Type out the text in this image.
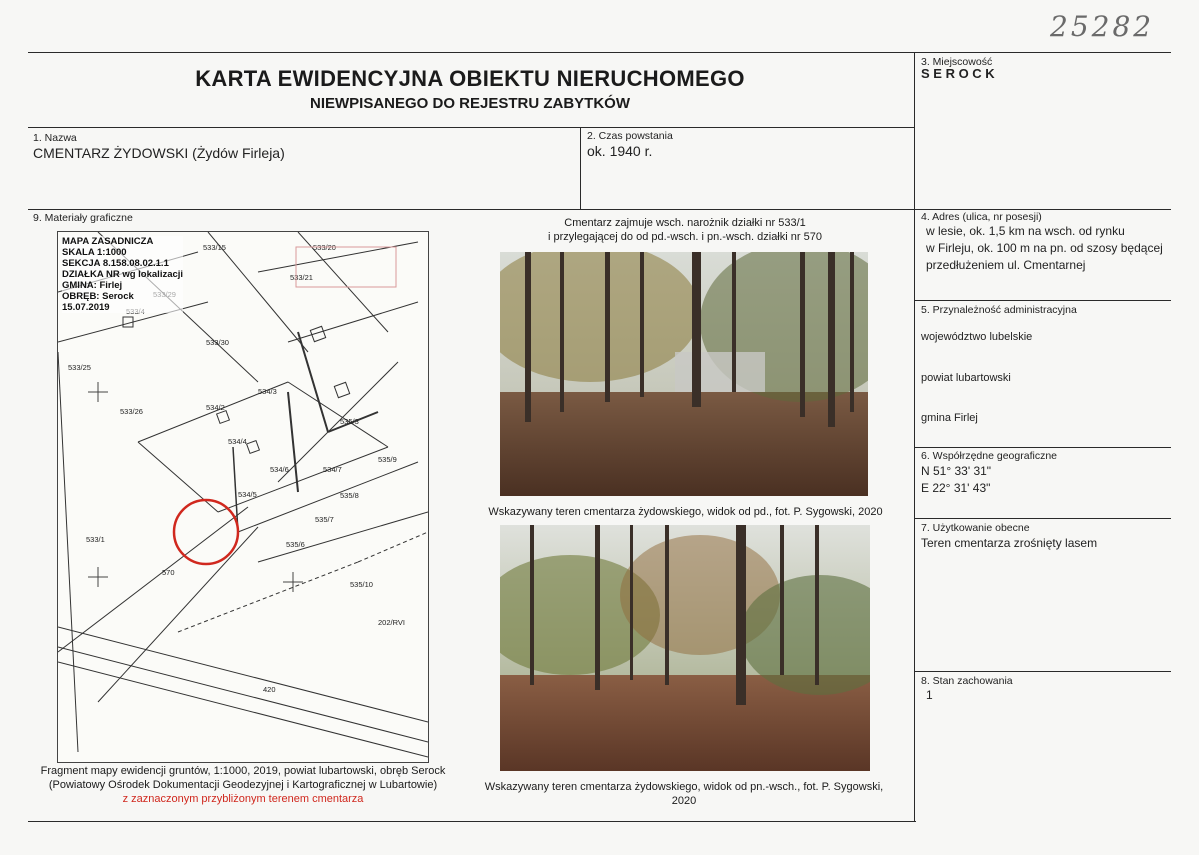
25282
KARTA EWIDENCYJNA OBIEKTU NIERUCHOMEGO
NIEWPISANEGO DO REJESTRU ZABYTKÓW
3. Miejscowość
S E R O C K
1. Nazwa
CMENTARZ ŻYDOWSKI (Żydów Firleja)
2. Czas powstania
ok. 1940 r.
9. Materiały graficzne	4. Adres (ulica, nr posesji)
w lesie, ok. 1,5 km na wsch. od rynku
w Firleju, ok. 100 m na pn. od szosy będącej
przedłużeniem ul. Cmentarnej
5. Przynależność administracyjna
województwo lubelskie
powiat lubartowski
gmina Firlej
6. Współrzędne geograficzne
N 51° 33' 31"
E 22° 31' 43"
7. Użytkowanie obecne
Teren cmentarza zrośnięty lasem
8. Stan zachowania
1
533/15	533/20
533/21
533/30
533/25
533/26	534/2
534/3
534/4
534/6	534/7
534/5
535/3
535/8
535/7
535/6
535/9
535/10
533/1
570
202/RVI
420
MAPA ZASADNICZA
SKALA 1:1000
SEKCJA 8.158.08.02.1.1
DZIAŁKA NR wg lokalizacji
GMINA: Firlej
OBRĘB: Serock
15.07.2019
Fragment mapy ewidencji gruntów, 1:1000, 2019, powiat lubartowski, obręb Serock
(Powiatowy Ośrodek Dokumentacji Geodezyjnej i Kartograficznej w Lubartowie)
z zaznaczonym przybliżonym terenem cmentarza
Cmentarz zajmuje wsch. narożnik działki nr 533/1
i przylegającej do od pd.-wsch. i pn.-wsch. działki nr 570
Wskazywany teren cmentarza żydowskiego, widok od pd., fot. P. Sygowski, 2020
Wskazywany teren cmentarza żydowskiego, widok od pn.-wsch., fot. P. Sygowski, 2020
